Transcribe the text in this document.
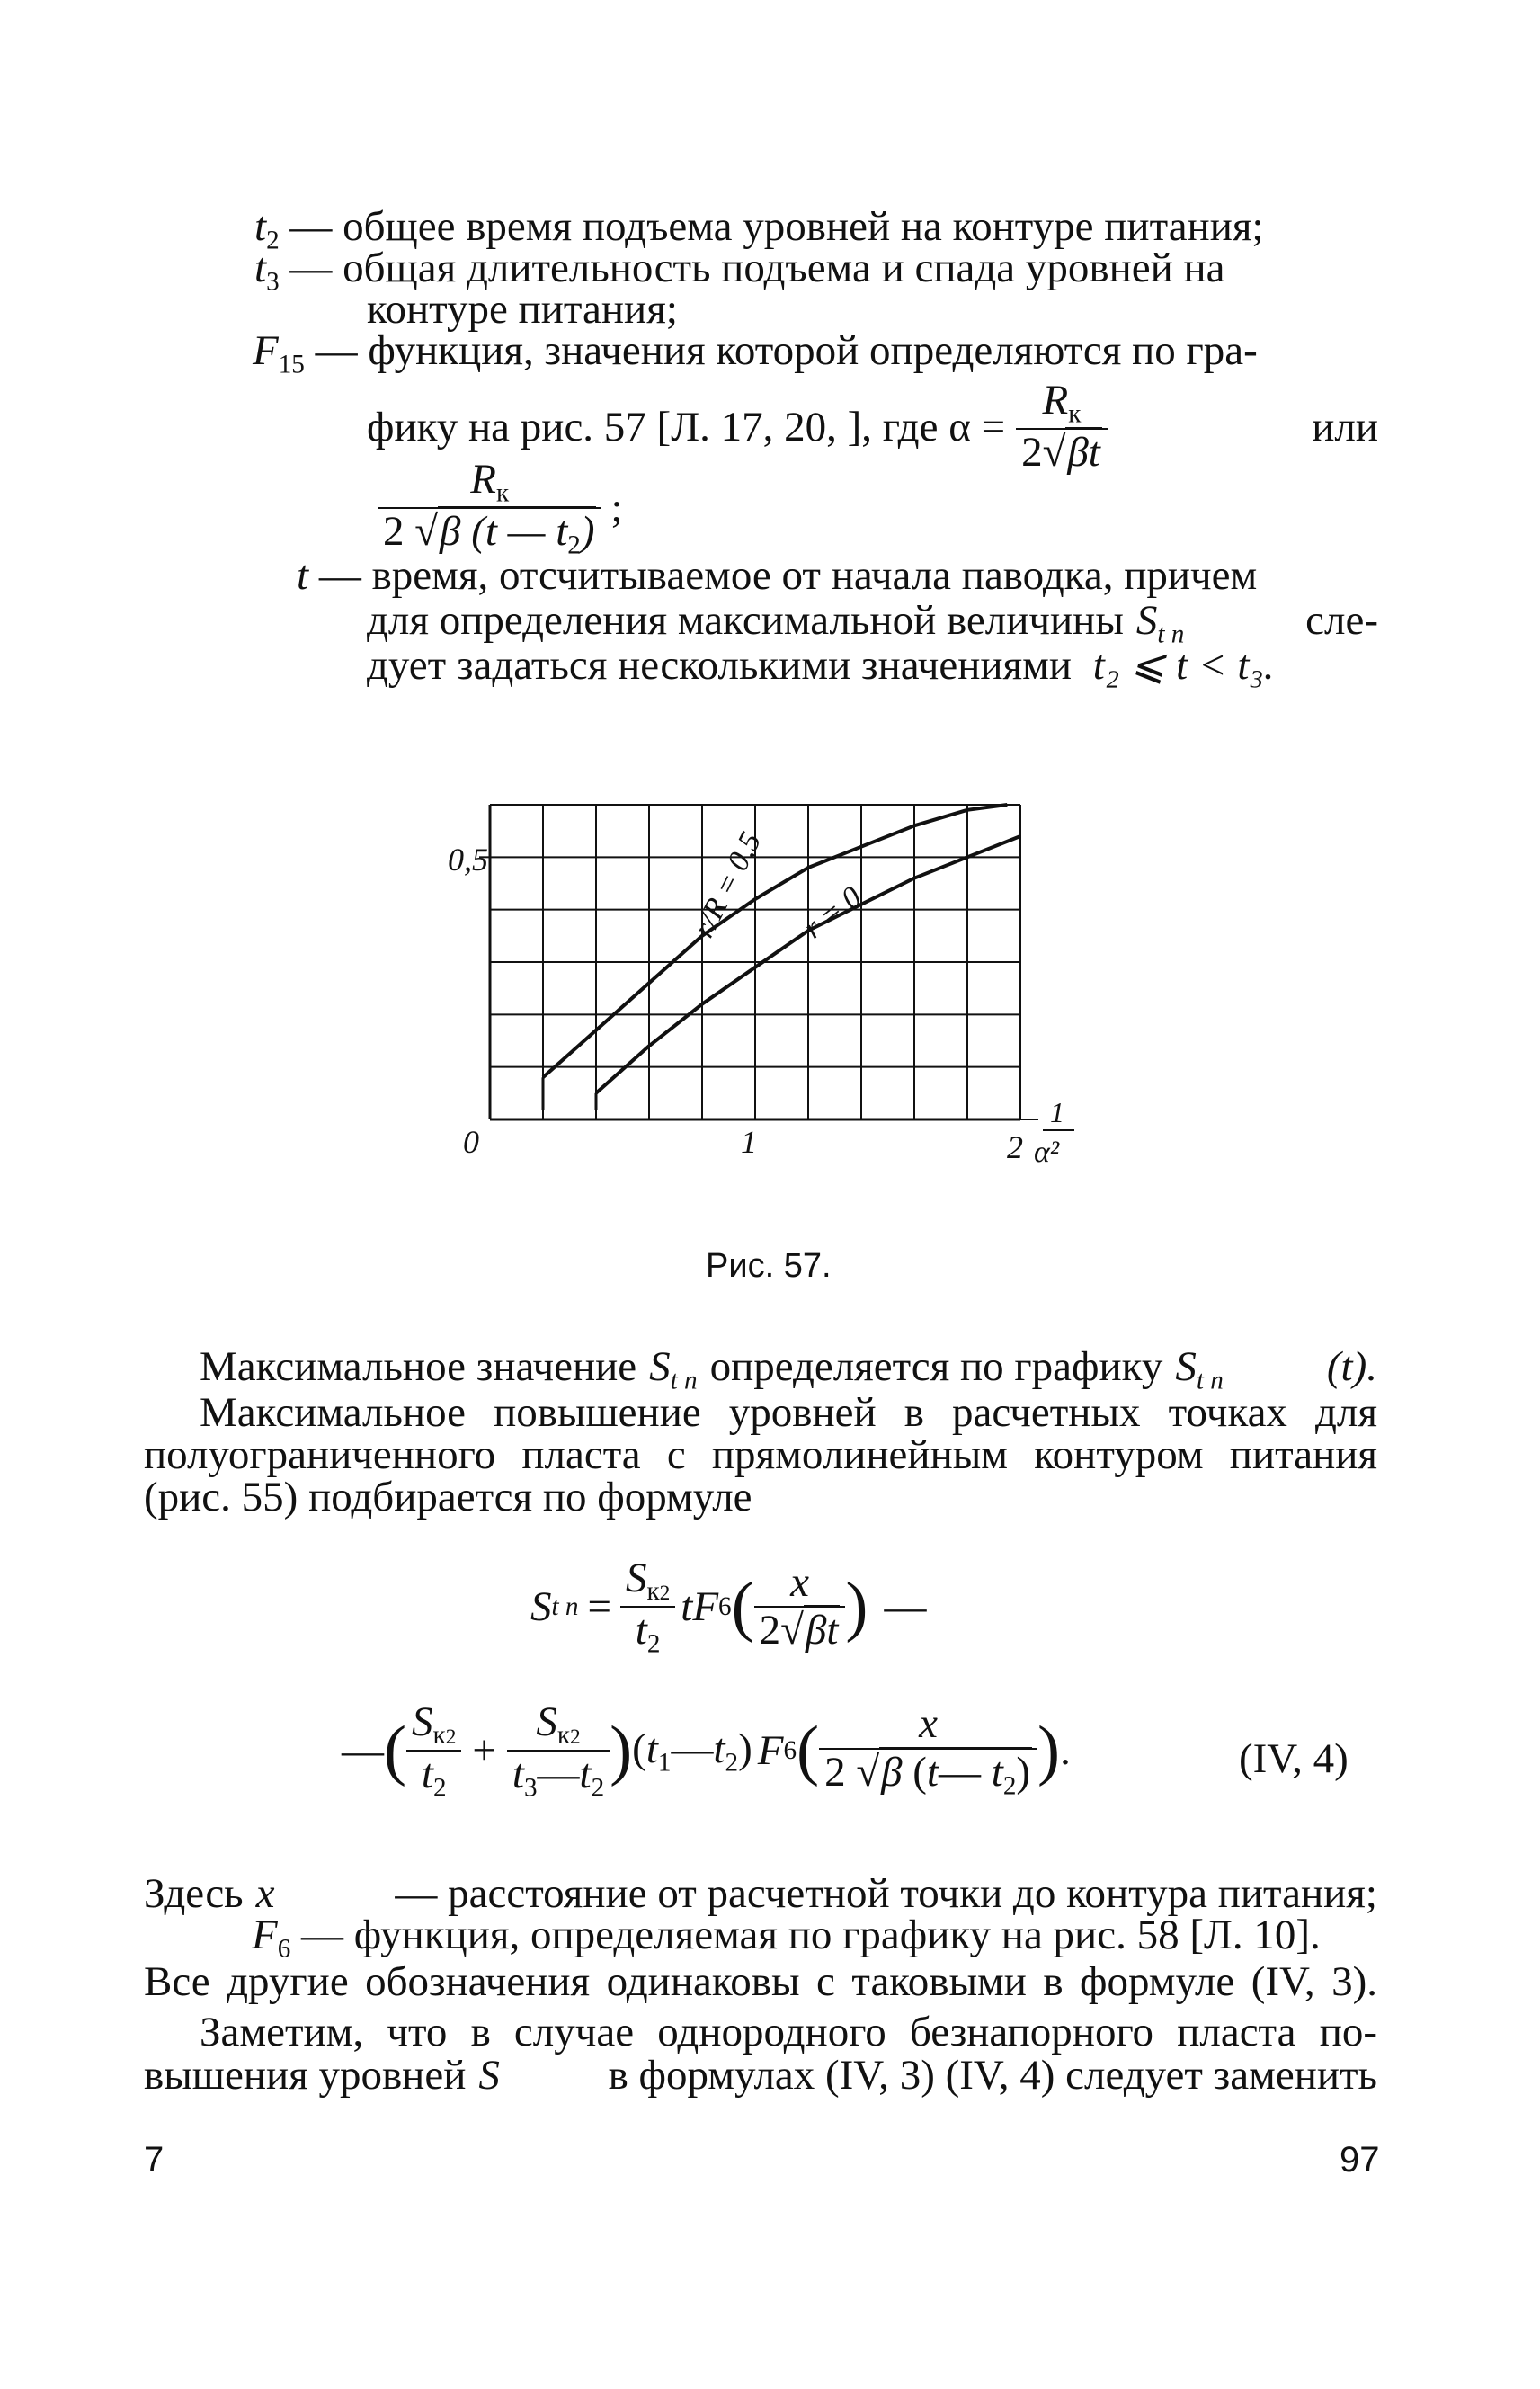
$t_2$ — общее время подъема уровней на контуре питания;
$t_3$ — общая длительность подъема и спада уровней на
контуре питания;
$F_{15}$ — функция, значения которой определяются по гра-
фику на рис. 57 [Л. 17, 20, ], где $\alpha = \frac{R_к}{2√\beta t}$	или
$\frac{R_к}{2 √\beta (t — t_2)}$ ;
t — время, отсчитываемое от начала паводка, причем
для определения максимальной величины $S_{t п}$	сле-
дует задаться несколькими значениями t₂ ⩽ t < t₃.
0,5
0	1	2
1
α²
r/R = 0,5 r = 0
Рис. 57.
Максимальное значение $S_{t п}$ определяется по графику $S_{t п}$ (t).
Максимальное повышение уровней в расчетных точках для
полуограниченного пласта с прямолинейным контуром питания
(рис. 55) подбирается по формуле
S t $п = \frac{S_{к2}}{t_2}$ tF 6 ( $\frac{x}{2√\beta t}$ ) —
— ( $\frac{S_{к2}}{t_2} + \frac{S_{к2}}{t_3—t_2}$ ) $(t_1—t_2)$ F 6 ( $\frac{x}{2 √\beta (t— t_2)}$ ) .	(IV, 4)
Здесь x	— расстояние от расчетной точки до контура питания;
$F_6$ — функция, определяемая по графику на рис. 58 [Л. 10].
Все другие обозначения одинаковы с таковыми в формуле (IV, 3).
Заметим, что в случае однородного безнапорного пласта по-
вышения уровней S	в формулах (IV, 3) (IV, 4) следует заменить
7	97
